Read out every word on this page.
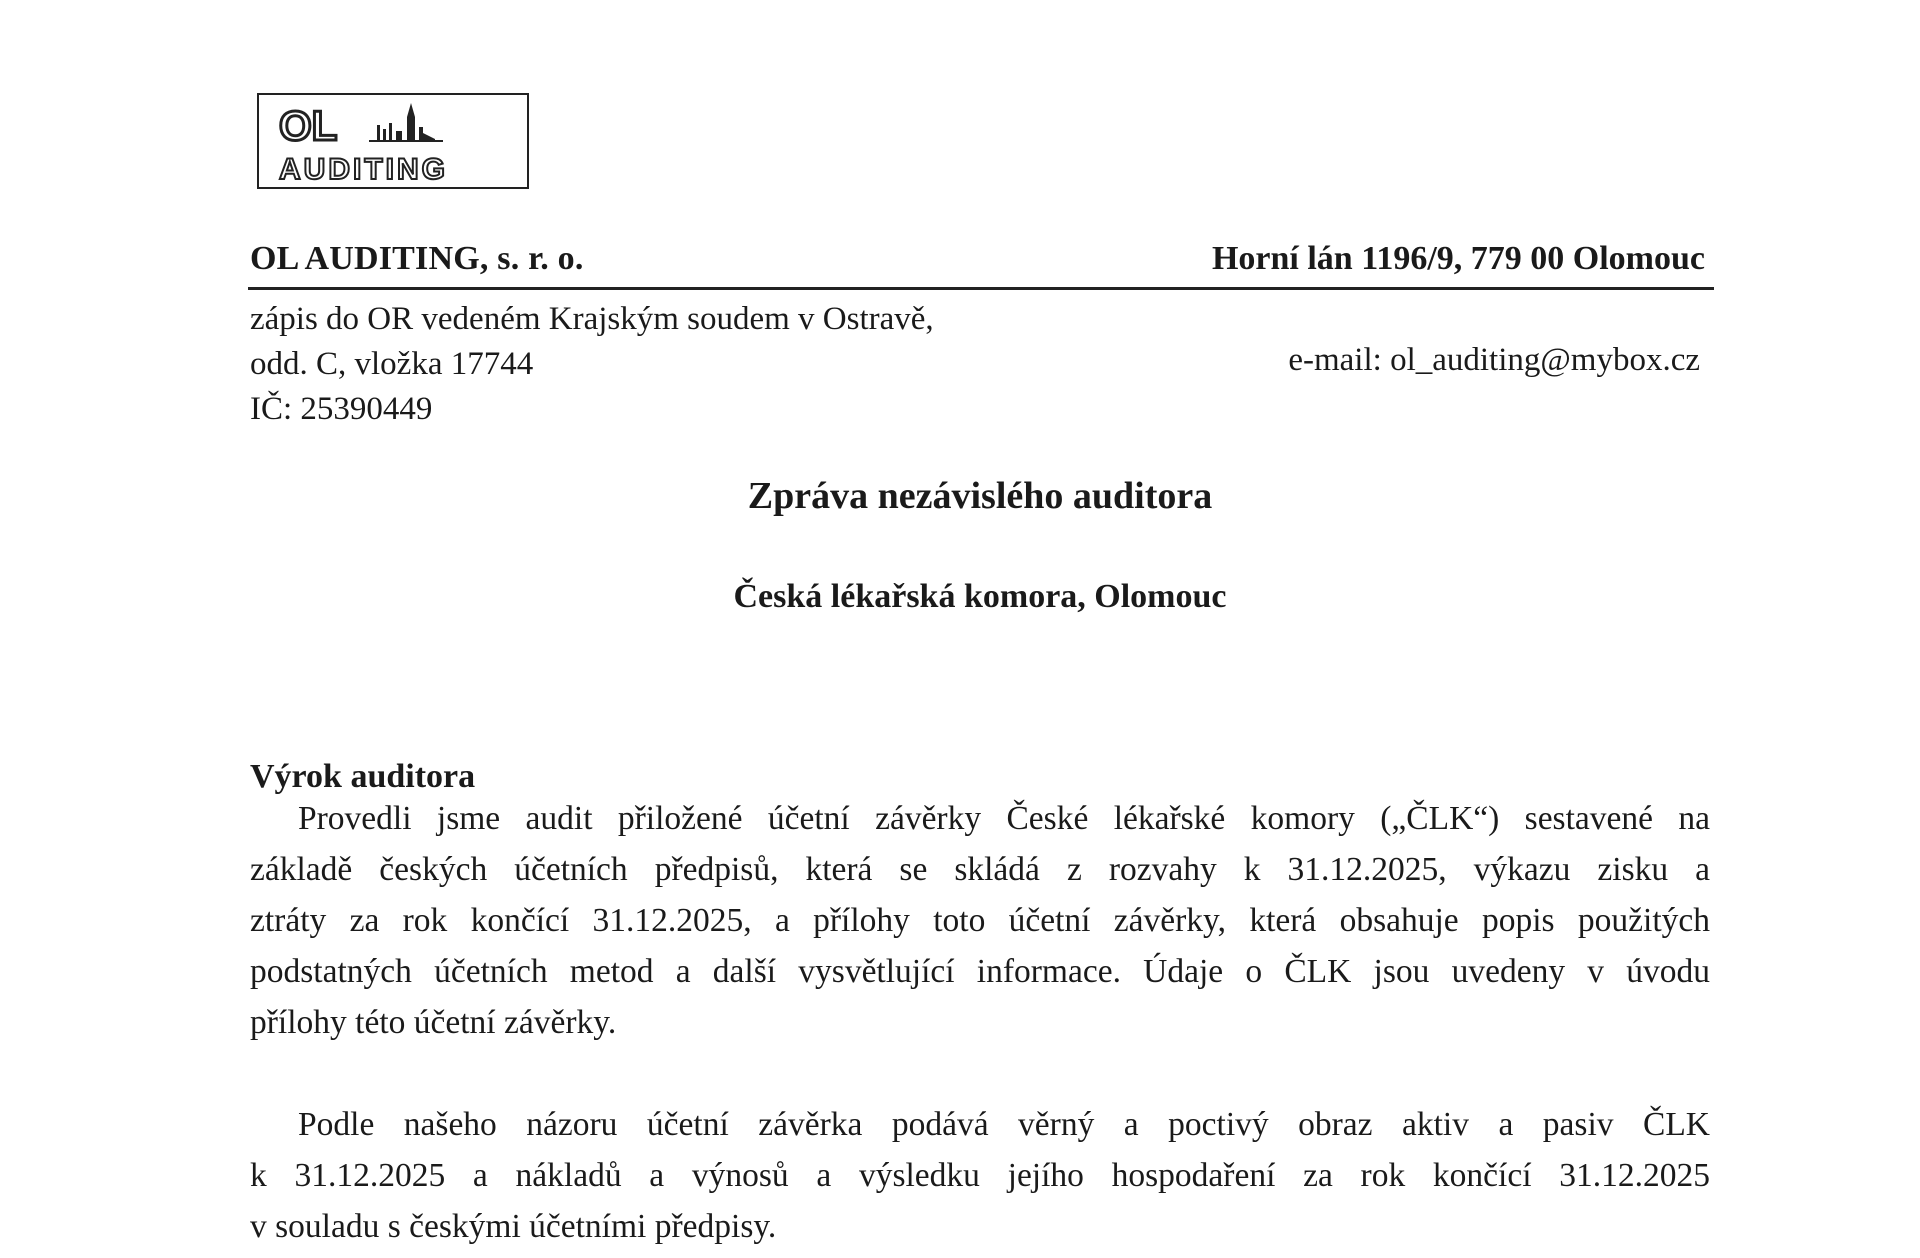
OL
AUDITING
OL AUDITING, s. r. o.	Horní lán 1196/9, 779 00 Olomouc
zápis do OR vedeném Krajským soudem v Ostravě,
odd. C, vložka 17744
IČ: 25390449
e-mail: ol_auditing@mybox.cz
Zpráva nezávislého auditora
Česká lékařská komora, Olomouc
Výrok auditora
Provedli jsme audit přiložené účetní závěrky České lékařské komory („ČLK“) sestavené na
základě českých účetních předpisů, která se skládá z rozvahy k 31.12.2025, výkazu zisku a
ztráty za rok končící 31.12.2025, a přílohy toto účetní závěrky, která obsahuje popis použitých
podstatných účetních metod a další vysvětlující informace. Údaje o ČLK jsou uvedeny v úvodu
přílohy této účetní závěrky.
Podle našeho názoru účetní závěrka podává věrný a poctivý obraz aktiv a pasiv ČLK
k 31.12.2025 a nákladů a výnosů a výsledku jejího hospodaření za rok končící 31.12.2025
v souladu s českými účetními předpisy.
